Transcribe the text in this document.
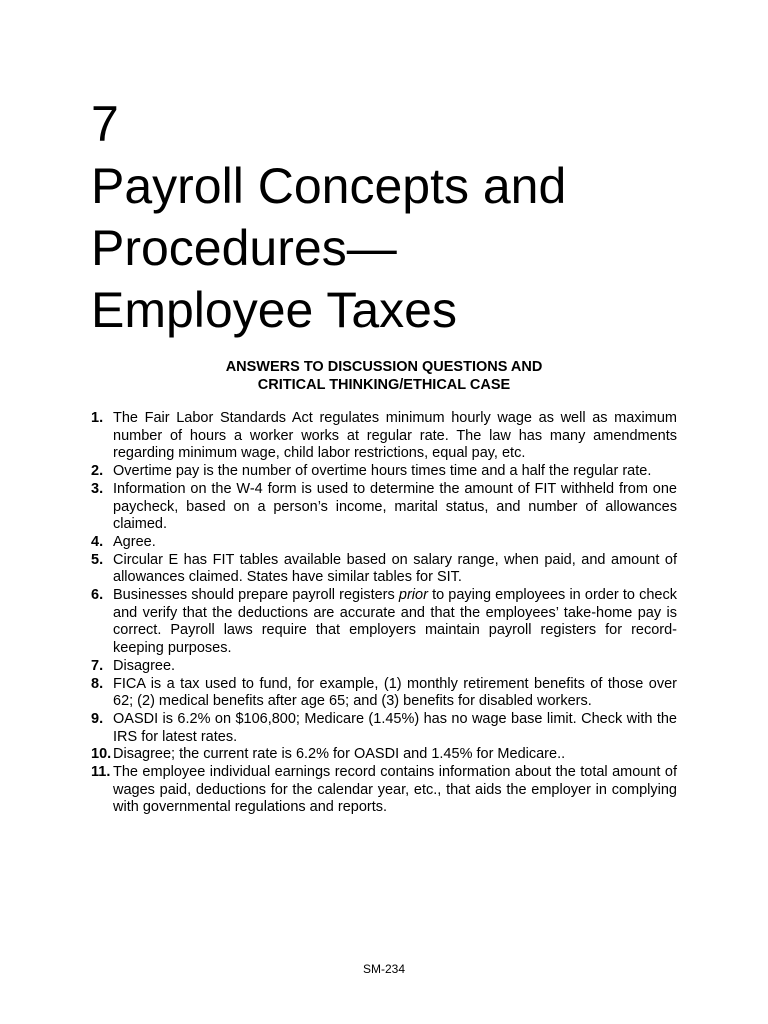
7
Payroll Concepts and
Procedures—
Employee Taxes
ANSWERS TO DISCUSSION QUESTIONS AND
CRITICAL THINKING/ETHICAL CASE
1. The Fair Labor Standards Act regulates minimum hourly wage as well as maximum number of hours a worker works at regular rate. The law has many amendments regarding minimum wage, child labor restrictions, equal pay, etc.
2. Overtime pay is the number of overtime hours times time and a half the regular rate.
3. Information on the W-4 form is used to determine the amount of FIT withheld from one paycheck, based on a person’s income, marital status, and number of allowances claimed.
4. Agree.
5. Circular E has FIT tables available based on salary range, when paid, and amount of allowances claimed. States have similar tables for SIT.
6. Businesses should prepare payroll registers prior to paying employees in order to check and verify that the deductions are accurate and that the employees’ take-home pay is correct. Payroll laws require that employers maintain payroll registers for record-keeping purposes.
7. Disagree.
8. FICA is a tax used to fund, for example, (1) monthly retirement benefits of those over 62; (2) medical benefits after age 65; and (3) benefits for disabled workers.
9. OASDI is 6.2% on $106,800; Medicare (1.45%) has no wage base limit. Check with the IRS for latest rates.
10. Disagree; the current rate is 6.2% for OASDI and 1.45% for Medicare..
11. The employee individual earnings record contains information about the total amount of wages paid, deductions for the calendar year, etc., that aids the employer in complying with governmental regulations and reports.
SM-234
